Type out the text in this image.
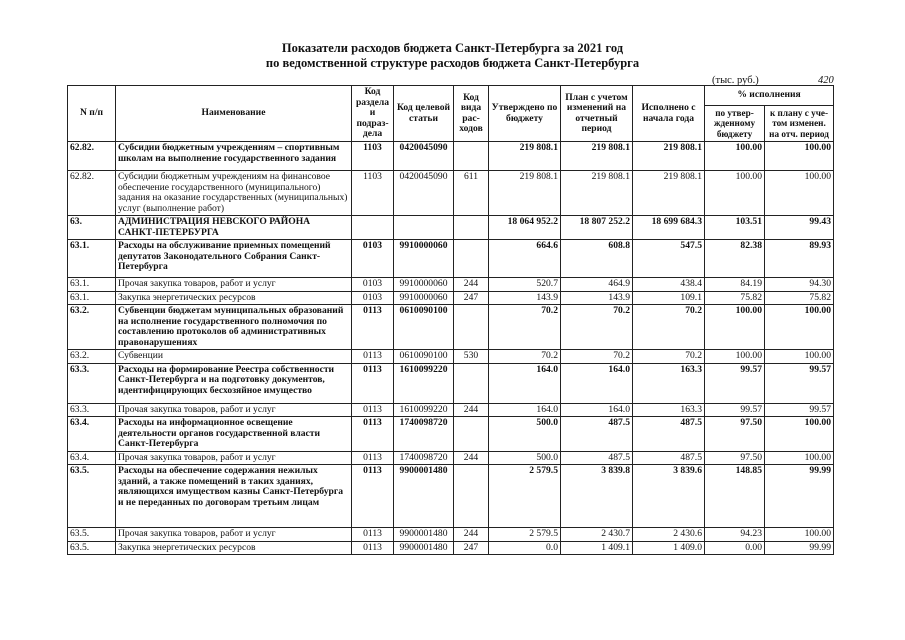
Показатели расходов бюджета Санкт-Петербурга за 2021 год
по ведомственной структуре расходов бюджета Санкт-Петербурга
(тыс. руб.)	420
N п/п	Наименование	Код раздела и подраз-дела	Код целевой статьи	Код вида рас-ходов	Утверждено по бюджету	План с учетом изменений на отчетный период	Исполнено с начала года	% исполнения	
								по утвер-жденному бюджету	к плану с уче-том изменен. на отч. период
62.82.	Субсидии бюджетным учреждениям – спортивным школам на выполнение государственного задания	1103	0420045090		219 808.1	219 808.1	219 808.1	100.00	100.00
62.82.	Субсидии бюджетным учреждениям на финансовое обеспечение государственного (муниципального) задания на оказание государственных (муниципальных) услуг (выполнение работ)	1103	0420045090	611	219 808.1	219 808.1	219 808.1	100.00	100.00
63.	АДМИНИСТРАЦИЯ НЕВСКОГО РАЙОНА САНКТ-ПЕТЕРБУРГА				18 064 952.2	18 807 252.2	18 699 684.3	103.51	99.43
63.1.	Расходы на обслуживание приемных помещений депутатов Законодательного Собрания Санкт-Петербурга	0103	9910000060		664.6	608.8	547.5	82.38	89.93
63.1.	Прочая закупка товаров, работ и услуг	0103	9910000060	244	520.7	464.9	438.4	84.19	94.30
63.1.	Закупка энергетических ресурсов	0103	9910000060	247	143.9	143.9	109.1	75.82	75.82
63.2.	Субвенции бюджетам муниципальных образований на исполнение государственного полномочия по составлению протоколов об административных правонарушениях	0113	0610090100		70.2	70.2	70.2	100.00	100.00
63.2.	Субвенции	0113	0610090100	530	70.2	70.2	70.2	100.00	100.00
63.3.	Расходы на формирование Реестра собственности Санкт-Петербурга и на подготовку документов, идентифицирующих бесхозяйное имущество	0113	1610099220		164.0	164.0	163.3	99.57	99.57
63.3.	Прочая закупка товаров, работ и услуг	0113	1610099220	244	164.0	164.0	163.3	99.57	99.57
63.4.	Расходы на информационное освещение деятельности органов государственной власти Санкт-Петербурга	0113	1740098720		500.0	487.5	487.5	97.50	100.00
63.4.	Прочая закупка товаров, работ и услуг	0113	1740098720	244	500.0	487.5	487.5	97.50	100.00
63.5.	Расходы на обеспечение содержания нежилых зданий, а также помещений в таких зданиях, являющихся имуществом казны Санкт-Петербурга и не переданных по договорам третьим лицам	0113	9900001480		2 579.5	3 839.8	3 839.6	148.85	99.99
63.5.	Прочая закупка товаров, работ и услуг	0113	9900001480	244	2 579.5	2 430.7	2 430.6	94.23	100.00
63.5.	Закупка энергетических ресурсов	0113	9900001480	247	0.0	1 409.1	1 409.0	0.00	99.99
